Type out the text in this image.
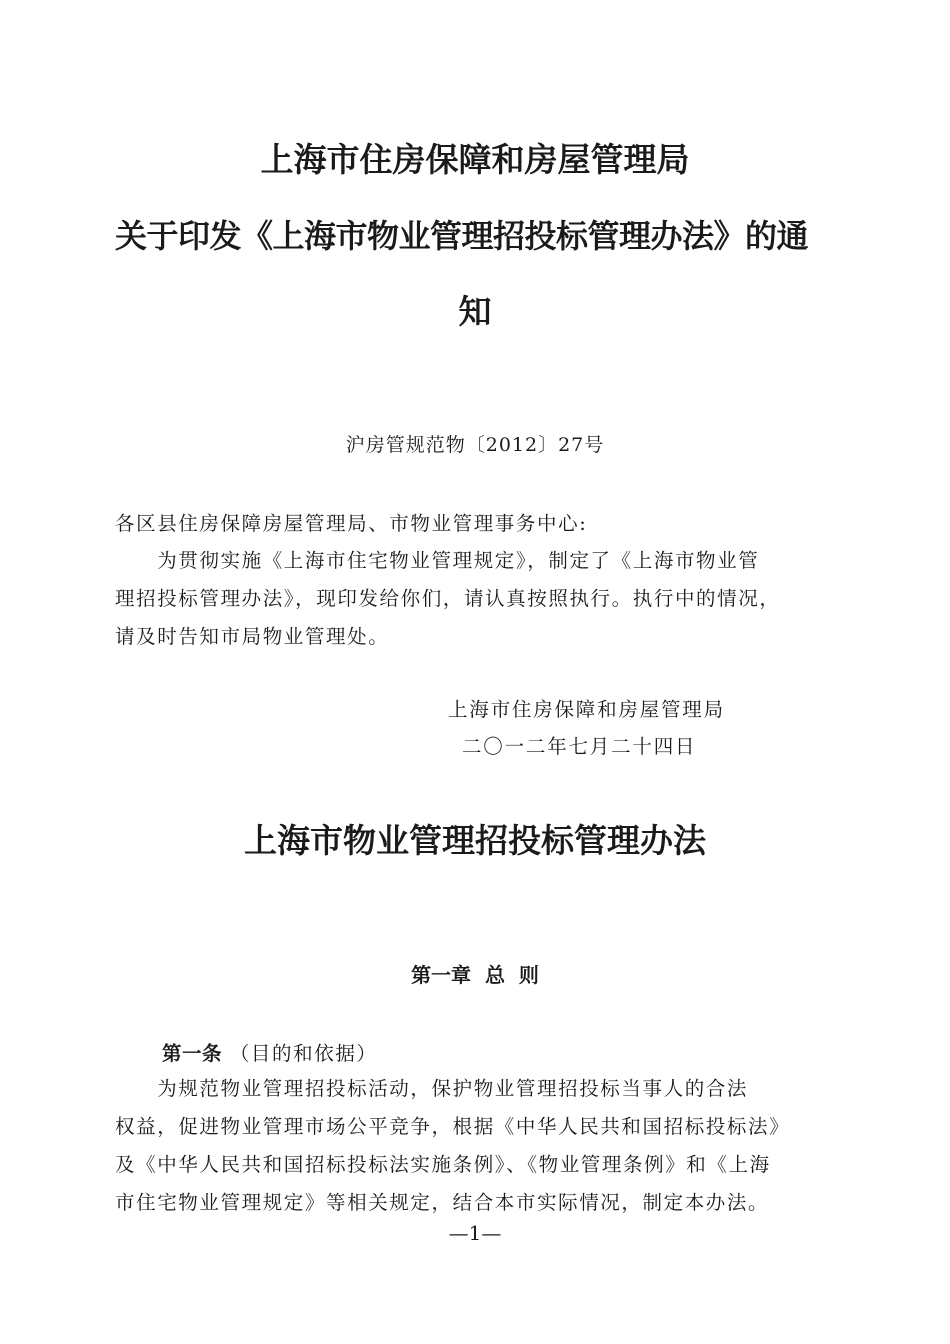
上海市住房保障和房屋管理局
关于印发《上海市物业管理招投标管理办法》的通
知
沪房管规范物〔2012〕27号
各区县住房保障房屋管理局、市物业管理事务中心:
　　为贯彻实施《上海市住宅物业管理规定》，制定了《上海市物业管
理招投标管理办法》，现印发给你们，请认真按照执行。执行中的情况，
请及时告知市局物业管理处。
上海市住房保障和房屋管理局
二〇一二年七月二十四日
上海市物业管理招投标管理办法
第一章  总  则
第一条 （目的和依据）
　　为规范物业管理招投标活动，保护物业管理招投标当事人的合法
权益，促进物业管理市场公平竞争，根据《中华人民共和国招标投标法》
及《中华人民共和国招标投标法实施条例》、《物业管理条例》和《上海
市住宅物业管理规定》等相关规定，结合本市实际情况，制定本办法。
—1—
